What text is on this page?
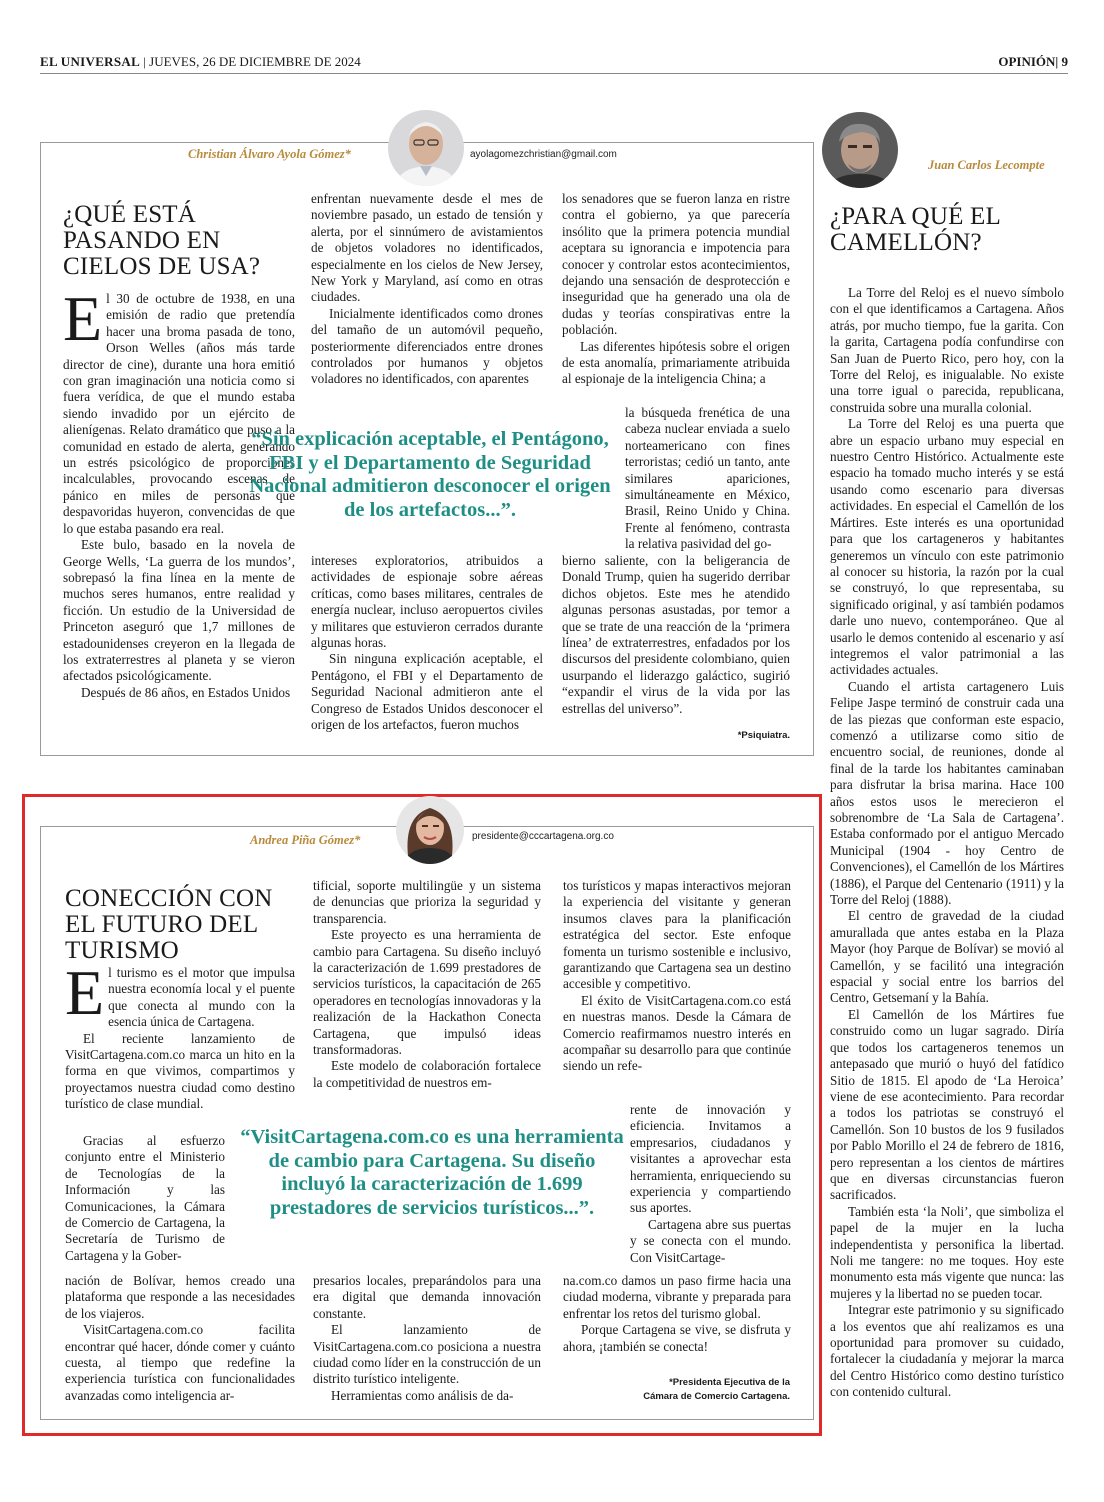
EL UNIVERSAL | JUEVES, 26 DE DICIEMBRE DE 2024	OPINIÓN| 9
Christian Álvaro Ayola Gómez*	ayolagomezchristian@gmail.com
¿QUÉ ESTÁ PASANDO EN CIELOS DE USA?
E l 30 de octubre de 1938, en una emisión de radio que pretendía hacer una broma pasada de tono, Orson Welles (años más tarde director de cine), durante una hora emitió con gran imaginación una noticia como si fuera verídica, de que el mundo estaba siendo invadido por un ejército de alienígenas. Relato dramático que puso a la comunidad en estado de alerta, generando un estrés psicológico de proporciones incalculables, provocando escenas de pánico en miles de personas que despavoridas huyeron, convencidas de que lo que estaba pasando era real.

Este bulo, basado en la novela de George Wells, ‘La guerra de los mundos’, sobrepasó la fina línea en la mente de muchos seres humanos, entre realidad y ficción. Un estudio de la Universidad de Princeton aseguró que 1,7 millones de estadounidenses creyeron en la llegada de los extraterrestres al planeta y se vieron afectados psicológicamente.

Después de 86 años, en Estados Unidos

enfrentan nuevamente desde el mes de noviembre pasado, un estado de tensión y alerta, por el sinnúmero de avistamientos de objetos voladores no identificados, especialmente en los cielos de New Jersey, New York y Maryland, así como en otras ciudades.

Inicialmente identificados como drones del tamaño de un automóvil pequeño, posteriormente diferenciados entre drones controlados por humanos y objetos voladores no identificados, con aparentes

intereses exploratorios, atribuidos a actividades de espionaje sobre aéreas críticas, como bases militares, centrales de energía nuclear, incluso aeropuertos civiles y militares que estuvieron cerrados durante algunas horas.

Sin ninguna explicación aceptable, el Pentágono, el FBI y el Departamento de Seguridad Nacional admitieron ante el Congreso de Estados Unidos desconocer el origen de los artefactos, fueron muchos

los senadores que se fueron lanza en ristre contra el gobierno, ya que parecería insólito que la primera potencia mundial aceptara su ignorancia e impotencia para conocer y controlar estos acontecimientos, dejando una sensación de desprotección e inseguridad que ha generado una ola de dudas y teorías conspirativas entre la población.

Las diferentes hipótesis sobre el origen de esta anomalía, primariamente atribuida al espionaje de la inteligencia China; a

la búsqueda frenética de una cabeza nuclear enviada a suelo norteamericano con fines terroristas; cedió un tanto, ante similares apariciones, simultáneamente en México, Brasil, Reino Unido y China. Frente al fenómeno, contrasta la relativa pasividad del go-

bierno saliente, con la beligerancia de Donald Trump, quien ha sugerido derribar dichos objetos. Este mes he atendido algunas personas asustadas, por temor a que se trate de una reacción de la ‘primera línea’ de extraterrestres, enfadados por los discursos del presidente colombiano, quien usurpando el liderazgo galáctico, sugirió “expandir el virus de la vida por las estrellas del universo”.

“Sin explicación aceptable, el Pentágono, FBI y el Departamento de Seguridad Nacional admitieron desconocer el origen de los artefactos...”.
*Psiquiatra.
Juan Carlos Lecompte
¿PARA QUÉ EL CAMELLÓN?

La Torre del Reloj es el nuevo símbolo con el que identificamos a Cartagena. Años atrás, por mucho tiempo, fue la garita. Con la garita, Cartagena podía confundirse con San Juan de Puerto Rico, pero hoy, con la Torre del Reloj, es inigualable. No existe una torre igual o parecida, republicana, construida sobre una muralla colonial.

La Torre del Reloj es una puerta que abre un espacio urbano muy especial en nuestro Centro Histórico. Actualmente este espacio ha tomado mucho interés y se está usando como escenario para diversas actividades. En especial el Camellón de los Mártires. Este interés es una oportunidad para que los cartageneros y habitantes generemos un vínculo con este patrimonio al conocer su historia, la razón por la cual se construyó, lo que representaba, su significado original, y así también podamos darle uno nuevo, contemporáneo. Que al usarlo le demos contenido al escenario y así integremos el valor patrimonial a las actividades actuales.

Cuando el artista cartagenero Luis Felipe Jaspe terminó de construir cada una de las piezas que conforman este espacio, comenzó a utilizarse como sitio de encuentro social, de reuniones, donde al final de la tarde los habitantes caminaban para disfrutar la brisa marina. Hace 100 años estos usos le merecieron el sobrenombre de ‘La Sala de Cartagena’. Estaba conformado por el antiguo Mercado Municipal (1904 - hoy Centro de Convenciones), el Camellón de los Mártires (1886), el Parque del Centenario (1911) y la Torre del Reloj (1888).

El centro de gravedad de la ciudad amurallada que antes estaba en la Plaza Mayor (hoy Parque de Bolívar) se movió al Camellón, y se facilitó una integración espacial y social entre los barrios del Centro, Getsemaní y la Bahía.

El Camellón de los Mártires fue construido como un lugar sagrado. Diría que todos los cartageneros tenemos un antepasado que murió o huyó del fatídico Sitio de 1815. El apodo de ‘La Heroica’ viene de ese acontecimiento. Para recordar a todos los patriotas se construyó el Camellón. Son 10 bustos de los 9 fusilados por Pablo Morillo el 24 de febrero de 1816, pero representan a los cientos de mártires que en diversas circunstancias fueron sacrificados.

También esta ‘la Noli’, que simboliza el papel de la mujer en la lucha independentista y personifica la libertad. Noli me tangere: no me toques. Hoy este monumento esta más vigente que nunca: las mujeres y la libertad no se pueden tocar.

Integrar este patrimonio y su significado a los eventos que ahí realizamos es una oportunidad para promover su cuidado, fortalecer la ciudadanía y mejorar la marca del Centro Histórico como destino turístico con contenido cultural.

Andrea Piña Gómez*	presidente@cccartagena.org.co
CONECCIÓN CON EL FUTURO DEL TURISMO
E l turismo es el motor que impulsa nuestra economía local y el puente que conecta al mundo con la esencia única de Cartagena.

El reciente lanzamiento de VisitCartagena.com.co marca un hito en la forma en que vivimos, compartimos y proyectamos nuestra ciudad como destino turístico de clase mundial.

Gracias al esfuerzo conjunto entre el Ministerio de Tecnologías de la Información y las Comunicaciones, la Cámara de Comercio de Cartagena, la Secretaría de Turismo de Cartagena y la Gober-

nación de Bolívar, hemos creado una plataforma que responde a las necesidades de los viajeros.

VisitCartagena.com.co facilita encontrar qué hacer, dónde comer y cuánto cuesta, al tiempo que redefine la experiencia turística con funcionalidades avanzadas como inteligencia ar-

tificial, soporte multilingüe y un sistema de denuncias que prioriza la seguridad y transparencia.

Este proyecto es una herramienta de cambio para Cartagena. Su diseño incluyó la caracterización de 1.699 prestadores de servicios turísticos, la capacitación de 265 operadores en tecnologías innovadoras y la realización de la Hackathon Conecta Cartagena, que impulsó ideas transformadoras.

Este modelo de colaboración fortalece la competitividad de nuestros em-

presarios locales, preparándolos para una era digital que demanda innovación constante.

El lanzamiento de VisitCartagena.com.co posiciona a nuestra ciudad como líder en la construcción de un distrito turístico inteligente.

Herramientas como análisis de da-

tos turísticos y mapas interactivos mejoran la experiencia del visitante y generan insumos claves para la planificación estratégica del sector. Este enfoque fomenta un turismo sostenible e inclusivo, garantizando que Cartagena sea un destino accesible y competitivo.

El éxito de VisitCartagena.com.co está en nuestras manos. Desde la Cámara de Comercio reafirmamos nuestro interés en acompañar su desarrollo para que continúe siendo un refe-

rente de innovación y eficiencia. Invitamos a empresarios, ciudadanos y visitantes a aprovechar esta herramienta, enriqueciendo su experiencia y compartiendo sus aportes.

Cartagena abre sus puertas y se conecta con el mundo. Con VisitCartage-

na.com.co damos un paso firme hacia una ciudad moderna, vibrante y preparada para enfrentar los retos del turismo global.

Porque Cartagena se vive, se disfruta y ahora, ¡también se conecta!

“VisitCartagena.com.co es una herramienta de cambio para Cartagena. Su diseño incluyó la caracterización de 1.699 prestadores de servicios turísticos...”.
*Presidenta Ejecutiva de la
Cámara de Comercio Cartagena.
